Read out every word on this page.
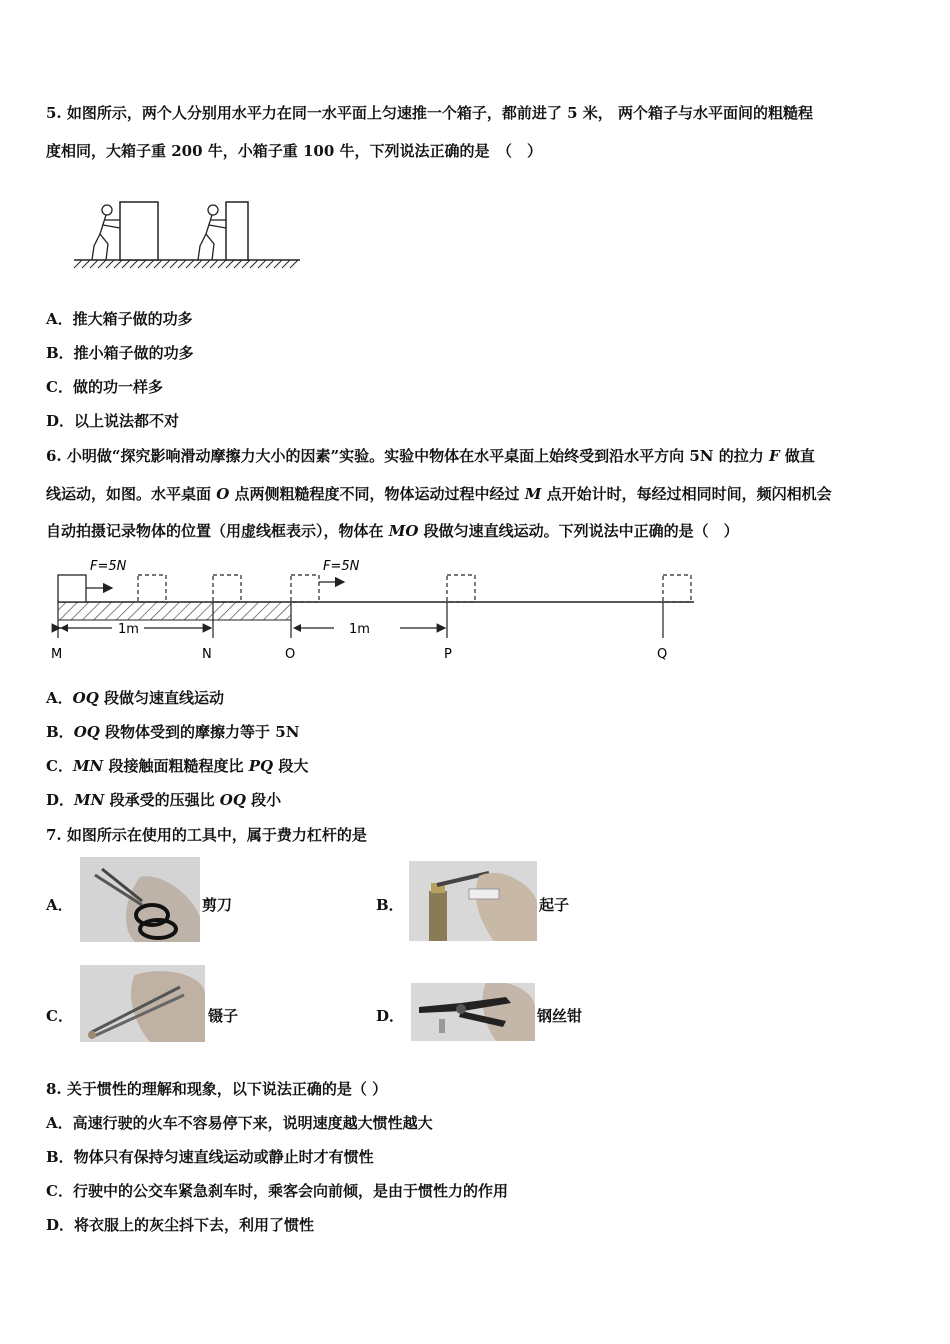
5. 如图所示，两个人分别用水平力在同一水平面上匀速推一个箱子，都前进了 5 米， 两个箱子与水平面间的粗糙程
度相同，大箱子重 200 牛，小箱子重 100 牛，下列说法正确的是　（　）
A．推大箱子做的功多
B．推小箱子做的功多
C．做的功一样多
D．以上说法都不对
6. 小明做“探究影响滑动摩擦力大小的因素”实验。实验中物体在水平桌面上始终受到沿水平方向 5N 的拉力 F 做直
线运动，如图。水平桌面 O 点两侧粗糙程度不同，物体运动过程中经过 M 点开始计时，每经过相同时间，频闪相机会
自动拍摄记录物体的位置（用虚线框表示），物体在 MO 段做匀速直线运动。下列说法中正确的是（　）
F=5N	F=5N
1m	1m
M	N	O	P	Q
A．OQ 段做匀速直线运动
B．OQ 段物体受到的摩擦力等于 5N
C．MN 段接触面粗糙程度比 PQ 段大
D．MN 段承受的压强比 OQ 段小
7. 如图所示在使用的工具中，属于费力杠杆的是
A．	剪刀	B．	起子
C．	镊子	D．	钢丝钳
8. 关于惯性的理解和现象，以下说法正确的是（ ）
A．高速行驶的火车不容易停下来，说明速度越大惯性越大
B．物体只有保持匀速直线运动或静止时才有惯性
C．行驶中的公交车紧急刹车时，乘客会向前倾，是由于惯性力的作用
D．将衣服上的灰尘抖下去，利用了惯性
